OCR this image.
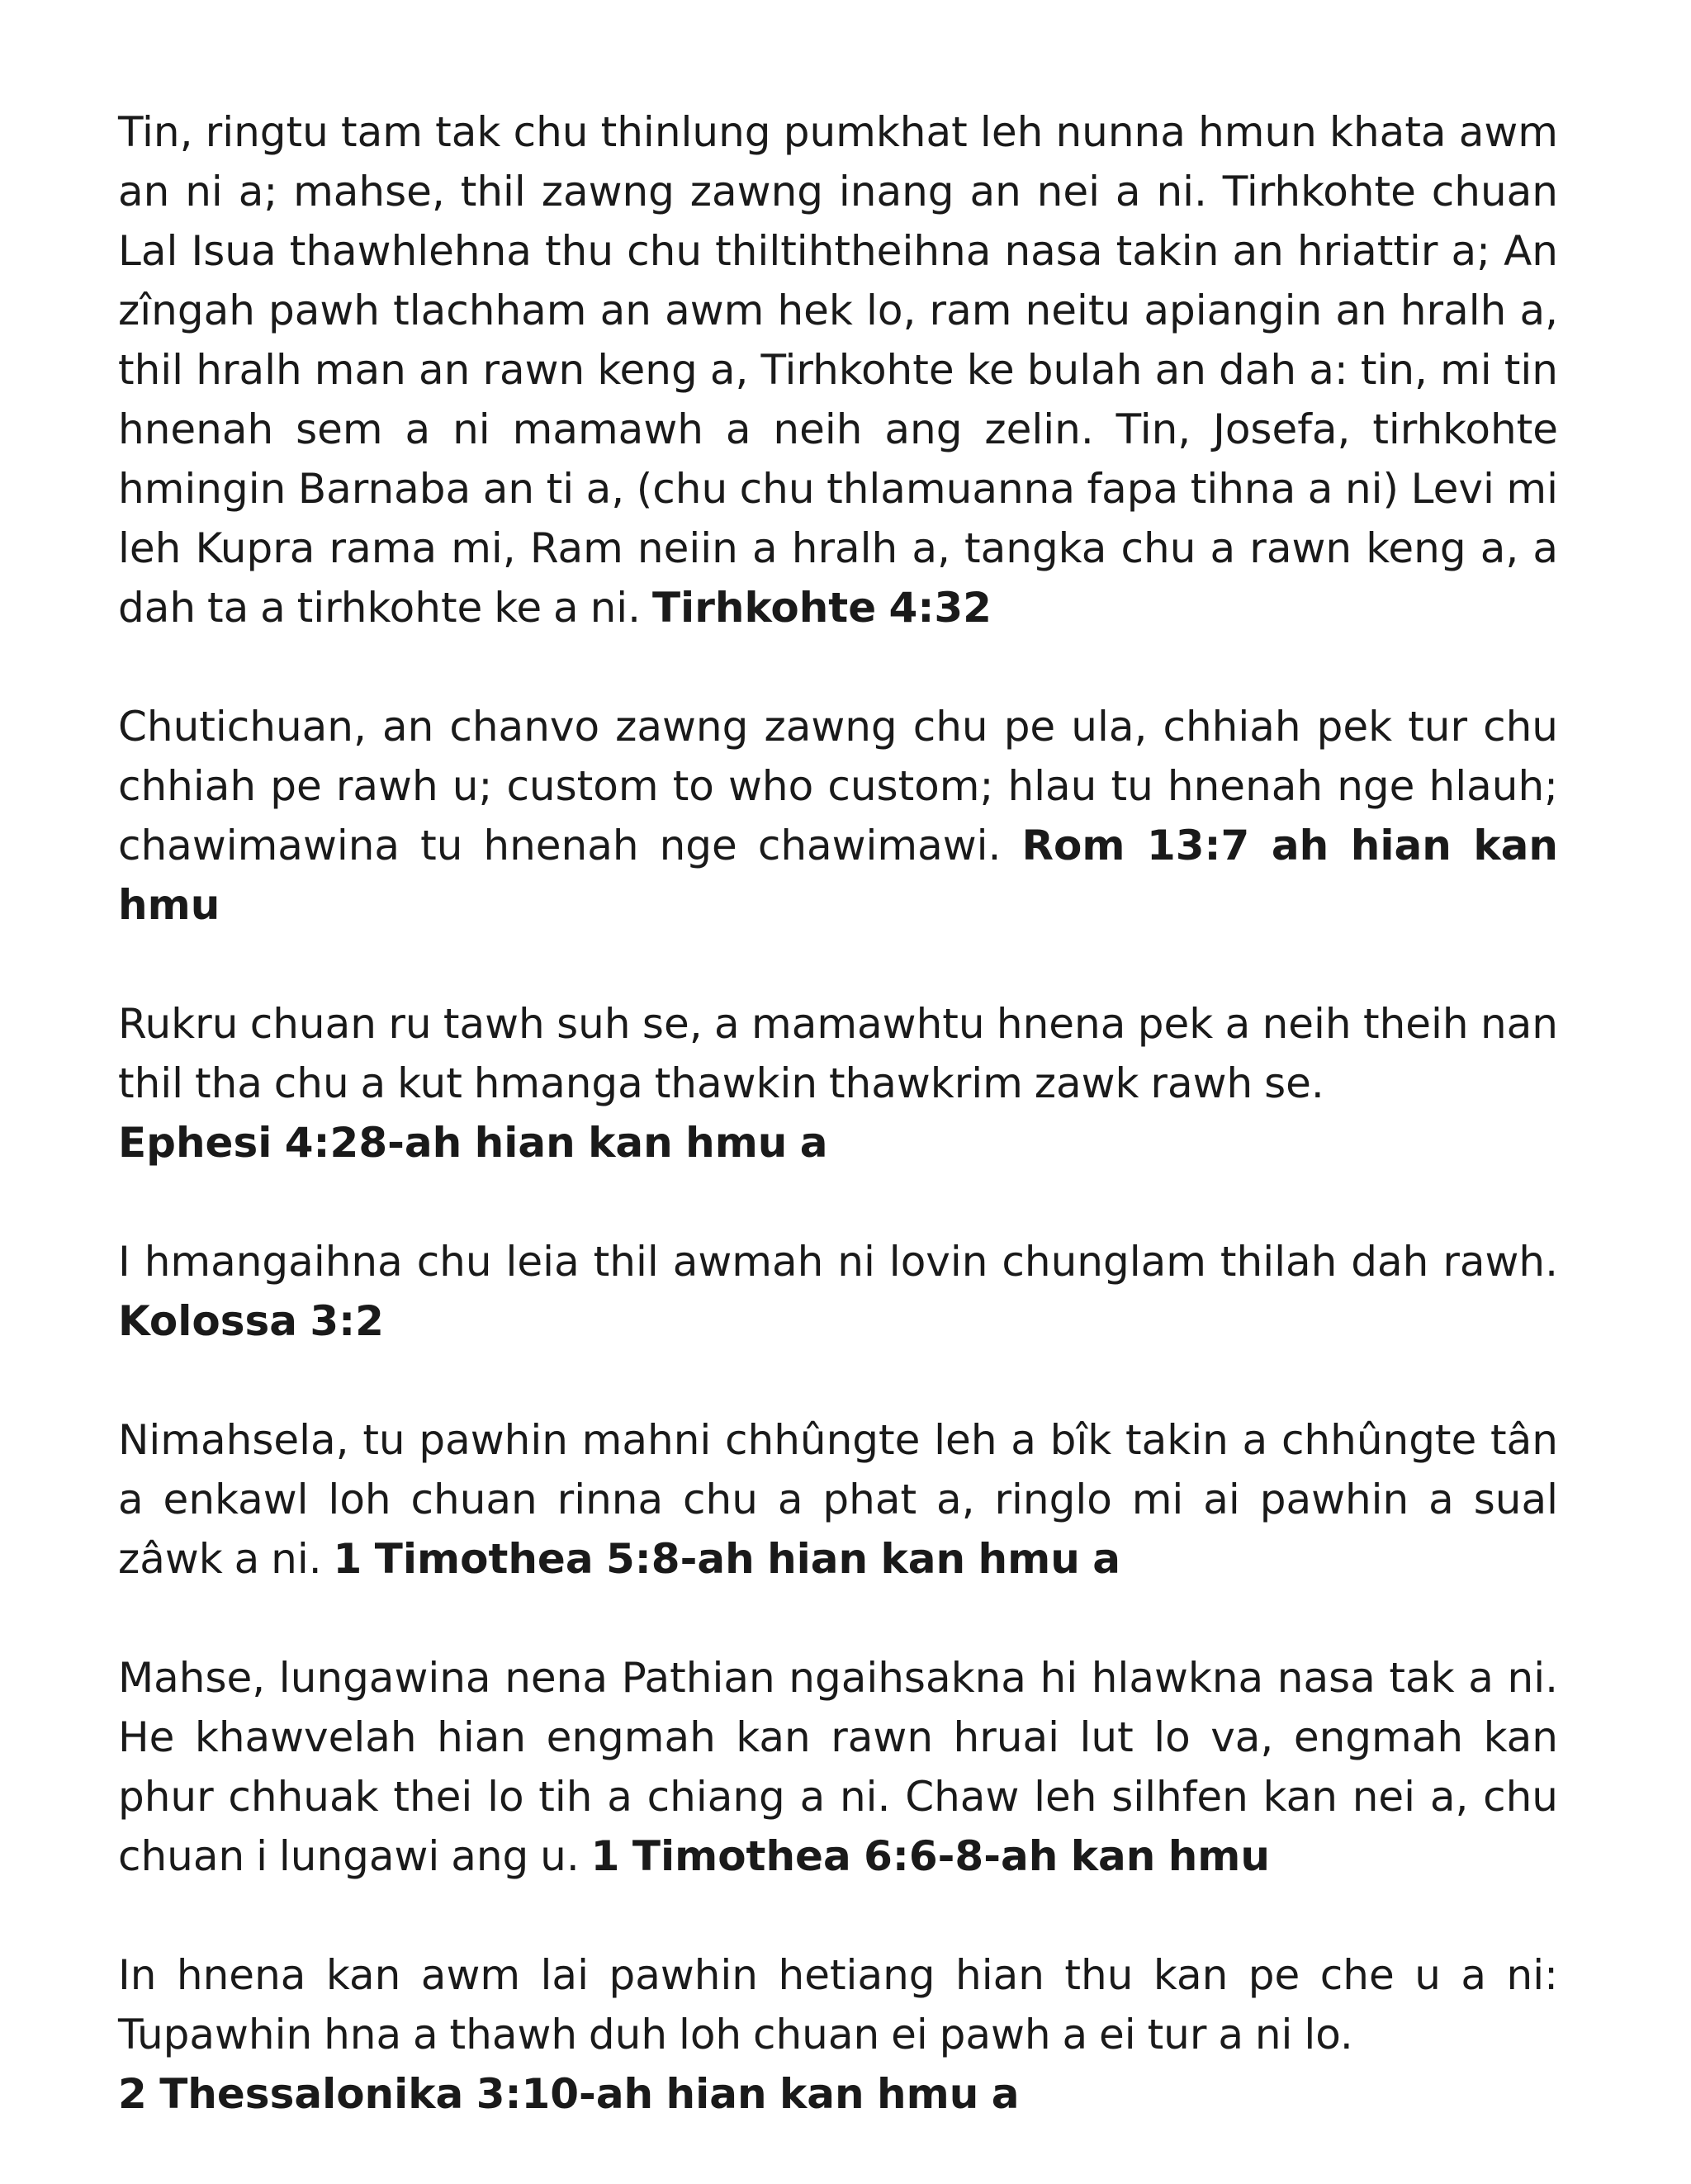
Tin, ringtu tam tak chu thinlung pumkhat leh nunna hmun khata awm an ni a; mahse, thil zawng zawng inang an nei a ni. Tirhkohte chuan Lal Isua thawhlehna thu chu thiltihtheihna nasa takin an hriattir a; An zîngah pawh tlachham an awm hek lo, ram neitu apiangin an hralh a, thil hralh man an rawn keng a, Tirhkohte ke bulah an dah a: tin, mi tin hnenah sem a ni mamawh a neih ang zelin. Tin, Josefa, tirhkohte hmingin Barnaba an ti a, (chu chu thlamuanna fapa tihna a ni) Levi mi leh Kupra rama mi, Ram neiin a hralh a, tangka chu a rawn keng a, a dah ta a tirhkohte ke a ni. Tirhkohte 4:32

Chutichuan, an chanvo zawng zawng chu pe ula, chhiah pek tur chu chhiah pe rawh u; custom to who custom; hlau tu hnenah nge hlauh; chawimawina tu hnenah nge chawimawi. Rom 13:7 ah hian kan hmu

Rukru chuan ru tawh suh se, a mamawhtu hnena pek a neih theih nan thil tha chu a kut hmanga thawkin thawkrim zawk rawh se.
Ephesi 4:28-ah hian kan hmu a

I hmangaihna chu leia thil awmah ni lovin chunglam thilah dah rawh. Kolossa 3:2

Nimahsela, tu pawhin mahni chhûngte leh a bîk takin a chhûngte tân a enkawl loh chuan rinna chu a phat a, ringlo mi ai pawhin a sual zâwk a ni. 1 Timothea 5:8-ah hian kan hmu a

Mahse, lungawina nena Pathian ngaihsakna hi hlawkna nasa tak a ni. He khawvelah hian engmah kan rawn hruai lut lo va, engmah kan phur chhuak thei lo tih a chiang a ni. Chaw leh silhfen kan nei a, chu chuan i lungawi ang u. 1 Timothea 6:6-8-ah kan hmu

In hnena kan awm lai pawhin hetiang hian thu kan pe che u a ni: Tupawhin hna a thawh duh loh chuan ei pawh a ei tur a ni lo.
2 Thessalonika 3:10-ah hian kan hmu a
